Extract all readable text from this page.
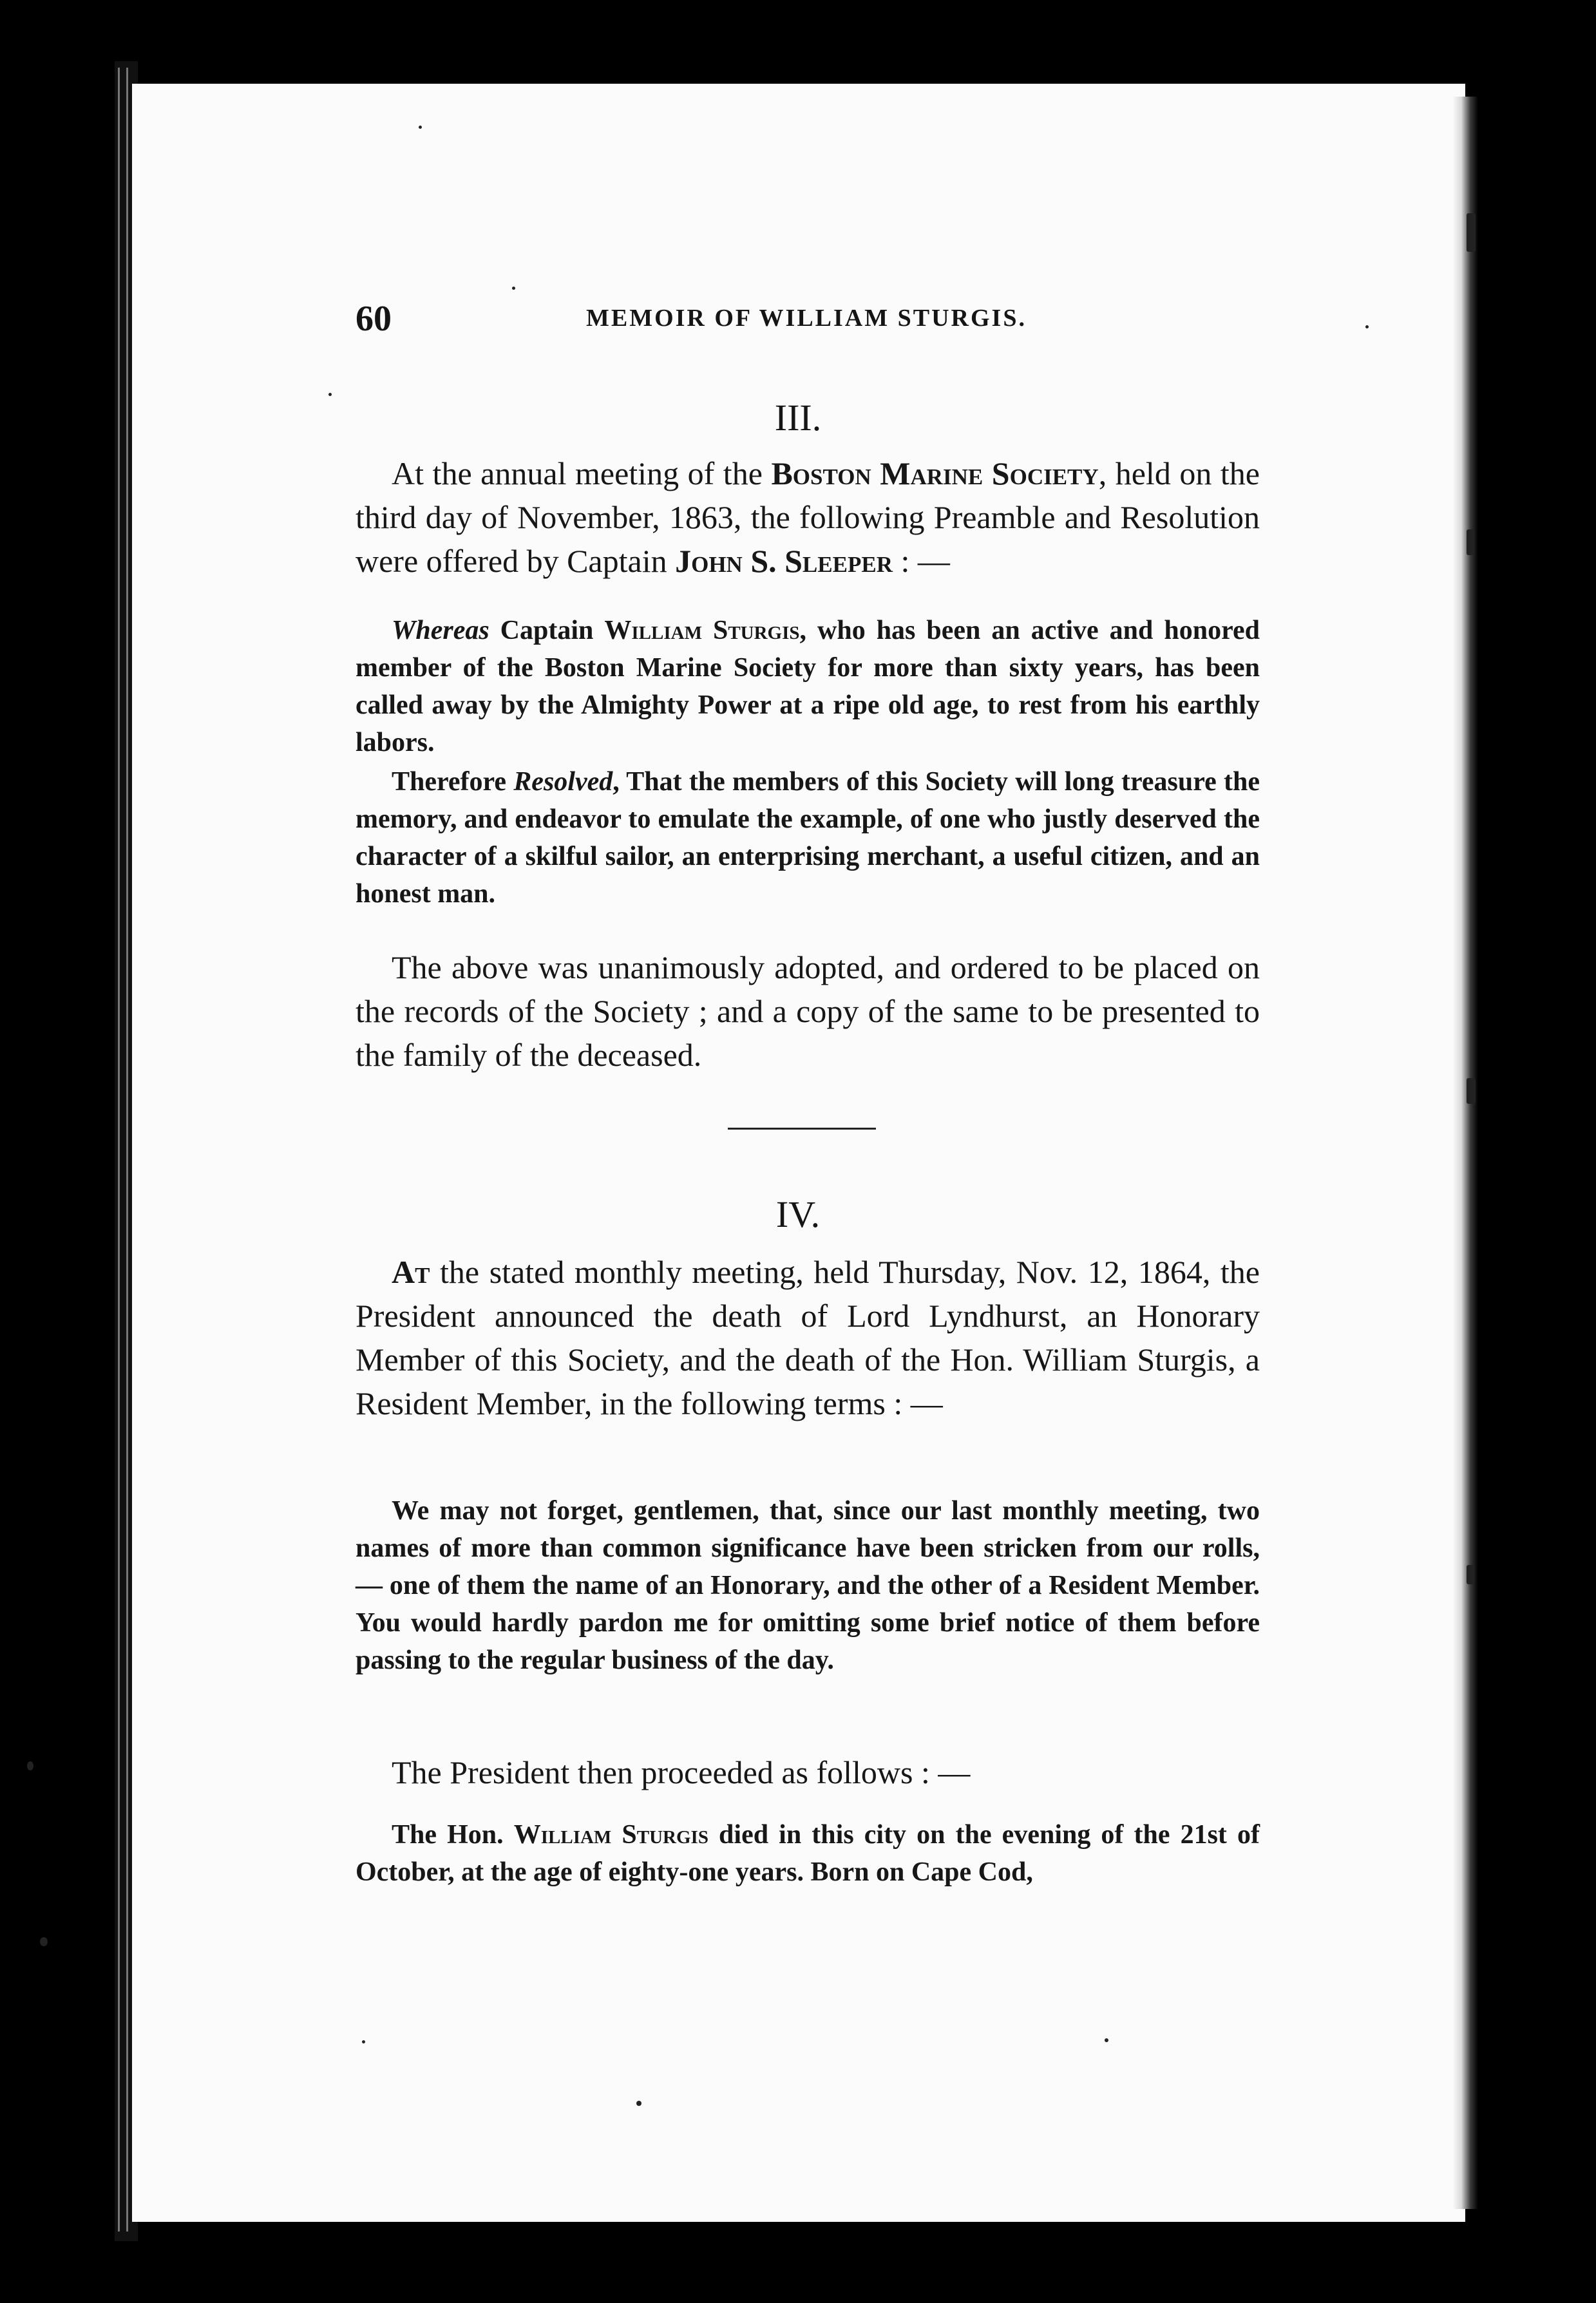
60	MEMOIR OF WILLIAM STURGIS.

III.

At the annual meeting of the Boston Marine Society, held on the third day of November, 1863, the following Preamble and Resolution were offered by Captain John S. Sleeper : —

Whereas Captain William Sturgis, who has been an active and honored member of the Boston Marine Society for more than sixty years, has been called away by the Almighty Power at a ripe old age, to rest from his earthly labors.

Therefore Resolved, That the members of this Society will long treasure the memory, and endeavor to emulate the example, of one who justly deserved the character of a skilful sailor, an enterprising merchant, a useful citizen, and an honest man.

The above was unanimously adopted, and ordered to be placed on the records of the Society ; and a copy of the same to be presented to the family of the deceased.

IV.

At the stated monthly meeting, held Thursday, Nov. 12, 1864, the President announced the death of Lord Lyndhurst, an Honorary Member of this Society, and the death of the Hon. William Sturgis, a Resident Member, in the following terms : —

We may not forget, gentlemen, that, since our last monthly meeting, two names of more than common significance have been stricken from our rolls, — one of them the name of an Honorary, and the other of a Resident Member. You would hardly pardon me for omitting some brief notice of them before passing to the regular business of the day.

The President then proceeded as follows : —

The Hon. William Sturgis died in this city on the evening of the 21st of October, at the age of eighty-one years. Born on Cape Cod,
